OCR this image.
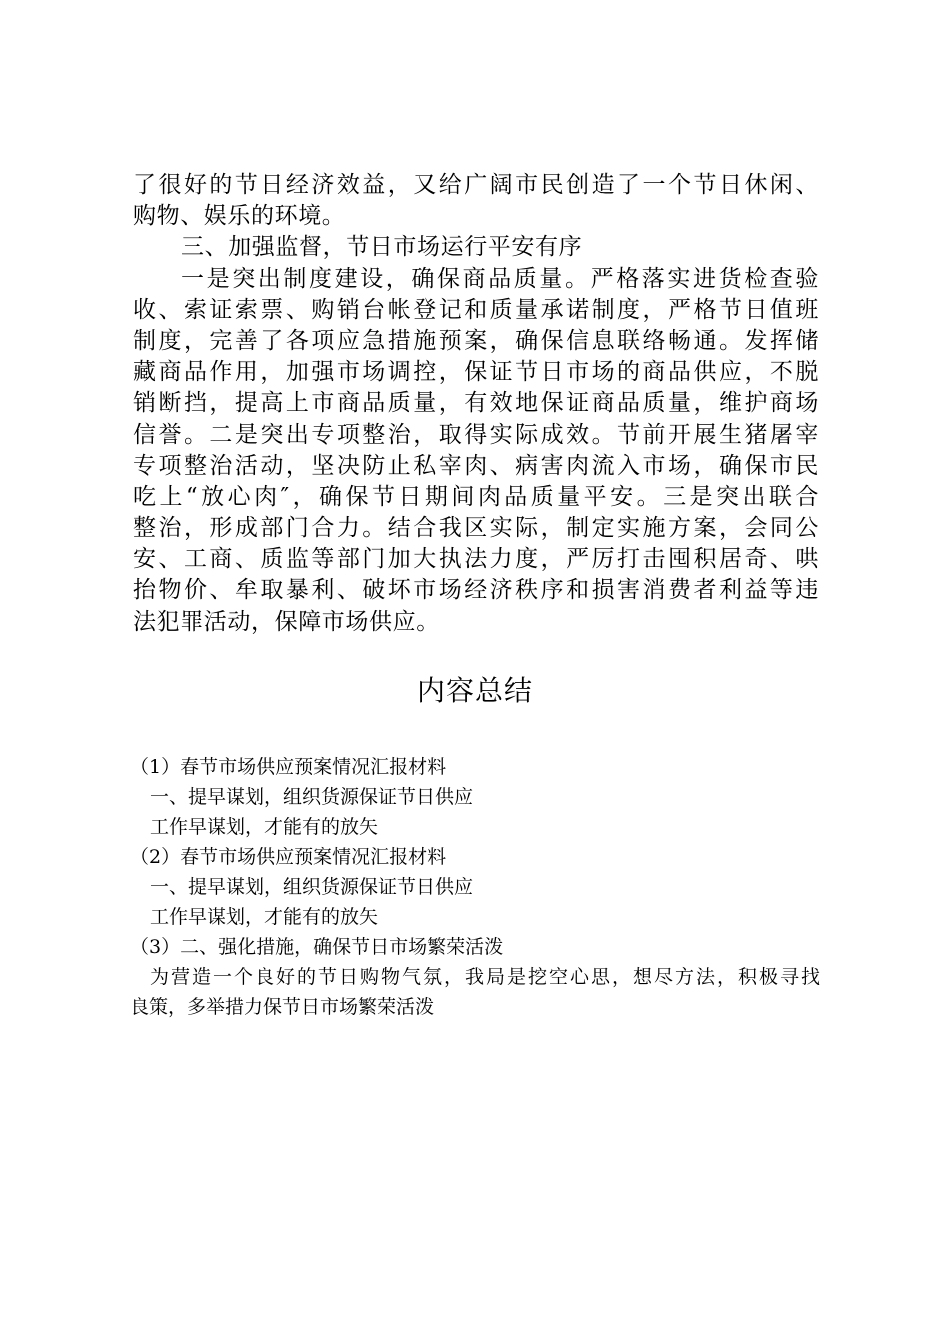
了很好的节日经济效益，又给广阔市民创造了一个节日休闲、
购物、娱乐的环境。
三、加强监督，节日市场运行平安有序
一是突出制度建设，确保商品质量。严格落实进货检查验
收、索证索票、购销台帐登记和质量承诺制度，严格节日值班
制度，完善了各项应急措施预案，确保信息联络畅通。发挥储
藏商品作用，加强市场调控，保证节日市场的商品供应，不脱
销断挡，提高上市商品质量，有效地保证商品质量，维护商场
信誉。二是突出专项整治，取得实际成效。节前开展生猪屠宰
专项整治活动，坚决防止私宰肉、病害肉流入市场，确保市民
吃上“放心肉″，确保节日期间肉品质量平安。三是突出联合
整治，形成部门合力。结合我区实际，制定实施方案，会同公
安、工商、质监等部门加大执法力度，严厉打击囤积居奇、哄
抬物价、牟取暴利、破坏市场经济秩序和损害消费者利益等违
法犯罪活动，保障市场供应。
内容总结
（1）春节市场供应预案情况汇报材料
一、提早谋划，组织货源保证节日供应
工作早谋划，才能有的放矢
（2）春节市场供应预案情况汇报材料
一、提早谋划，组织货源保证节日供应
工作早谋划，才能有的放矢
（3）二、强化措施，确保节日市场繁荣活泼
为营造一个良好的节日购物气氛，我局是挖空心思，想尽方法，积极寻找
良策，多举措力保节日市场繁荣活泼
